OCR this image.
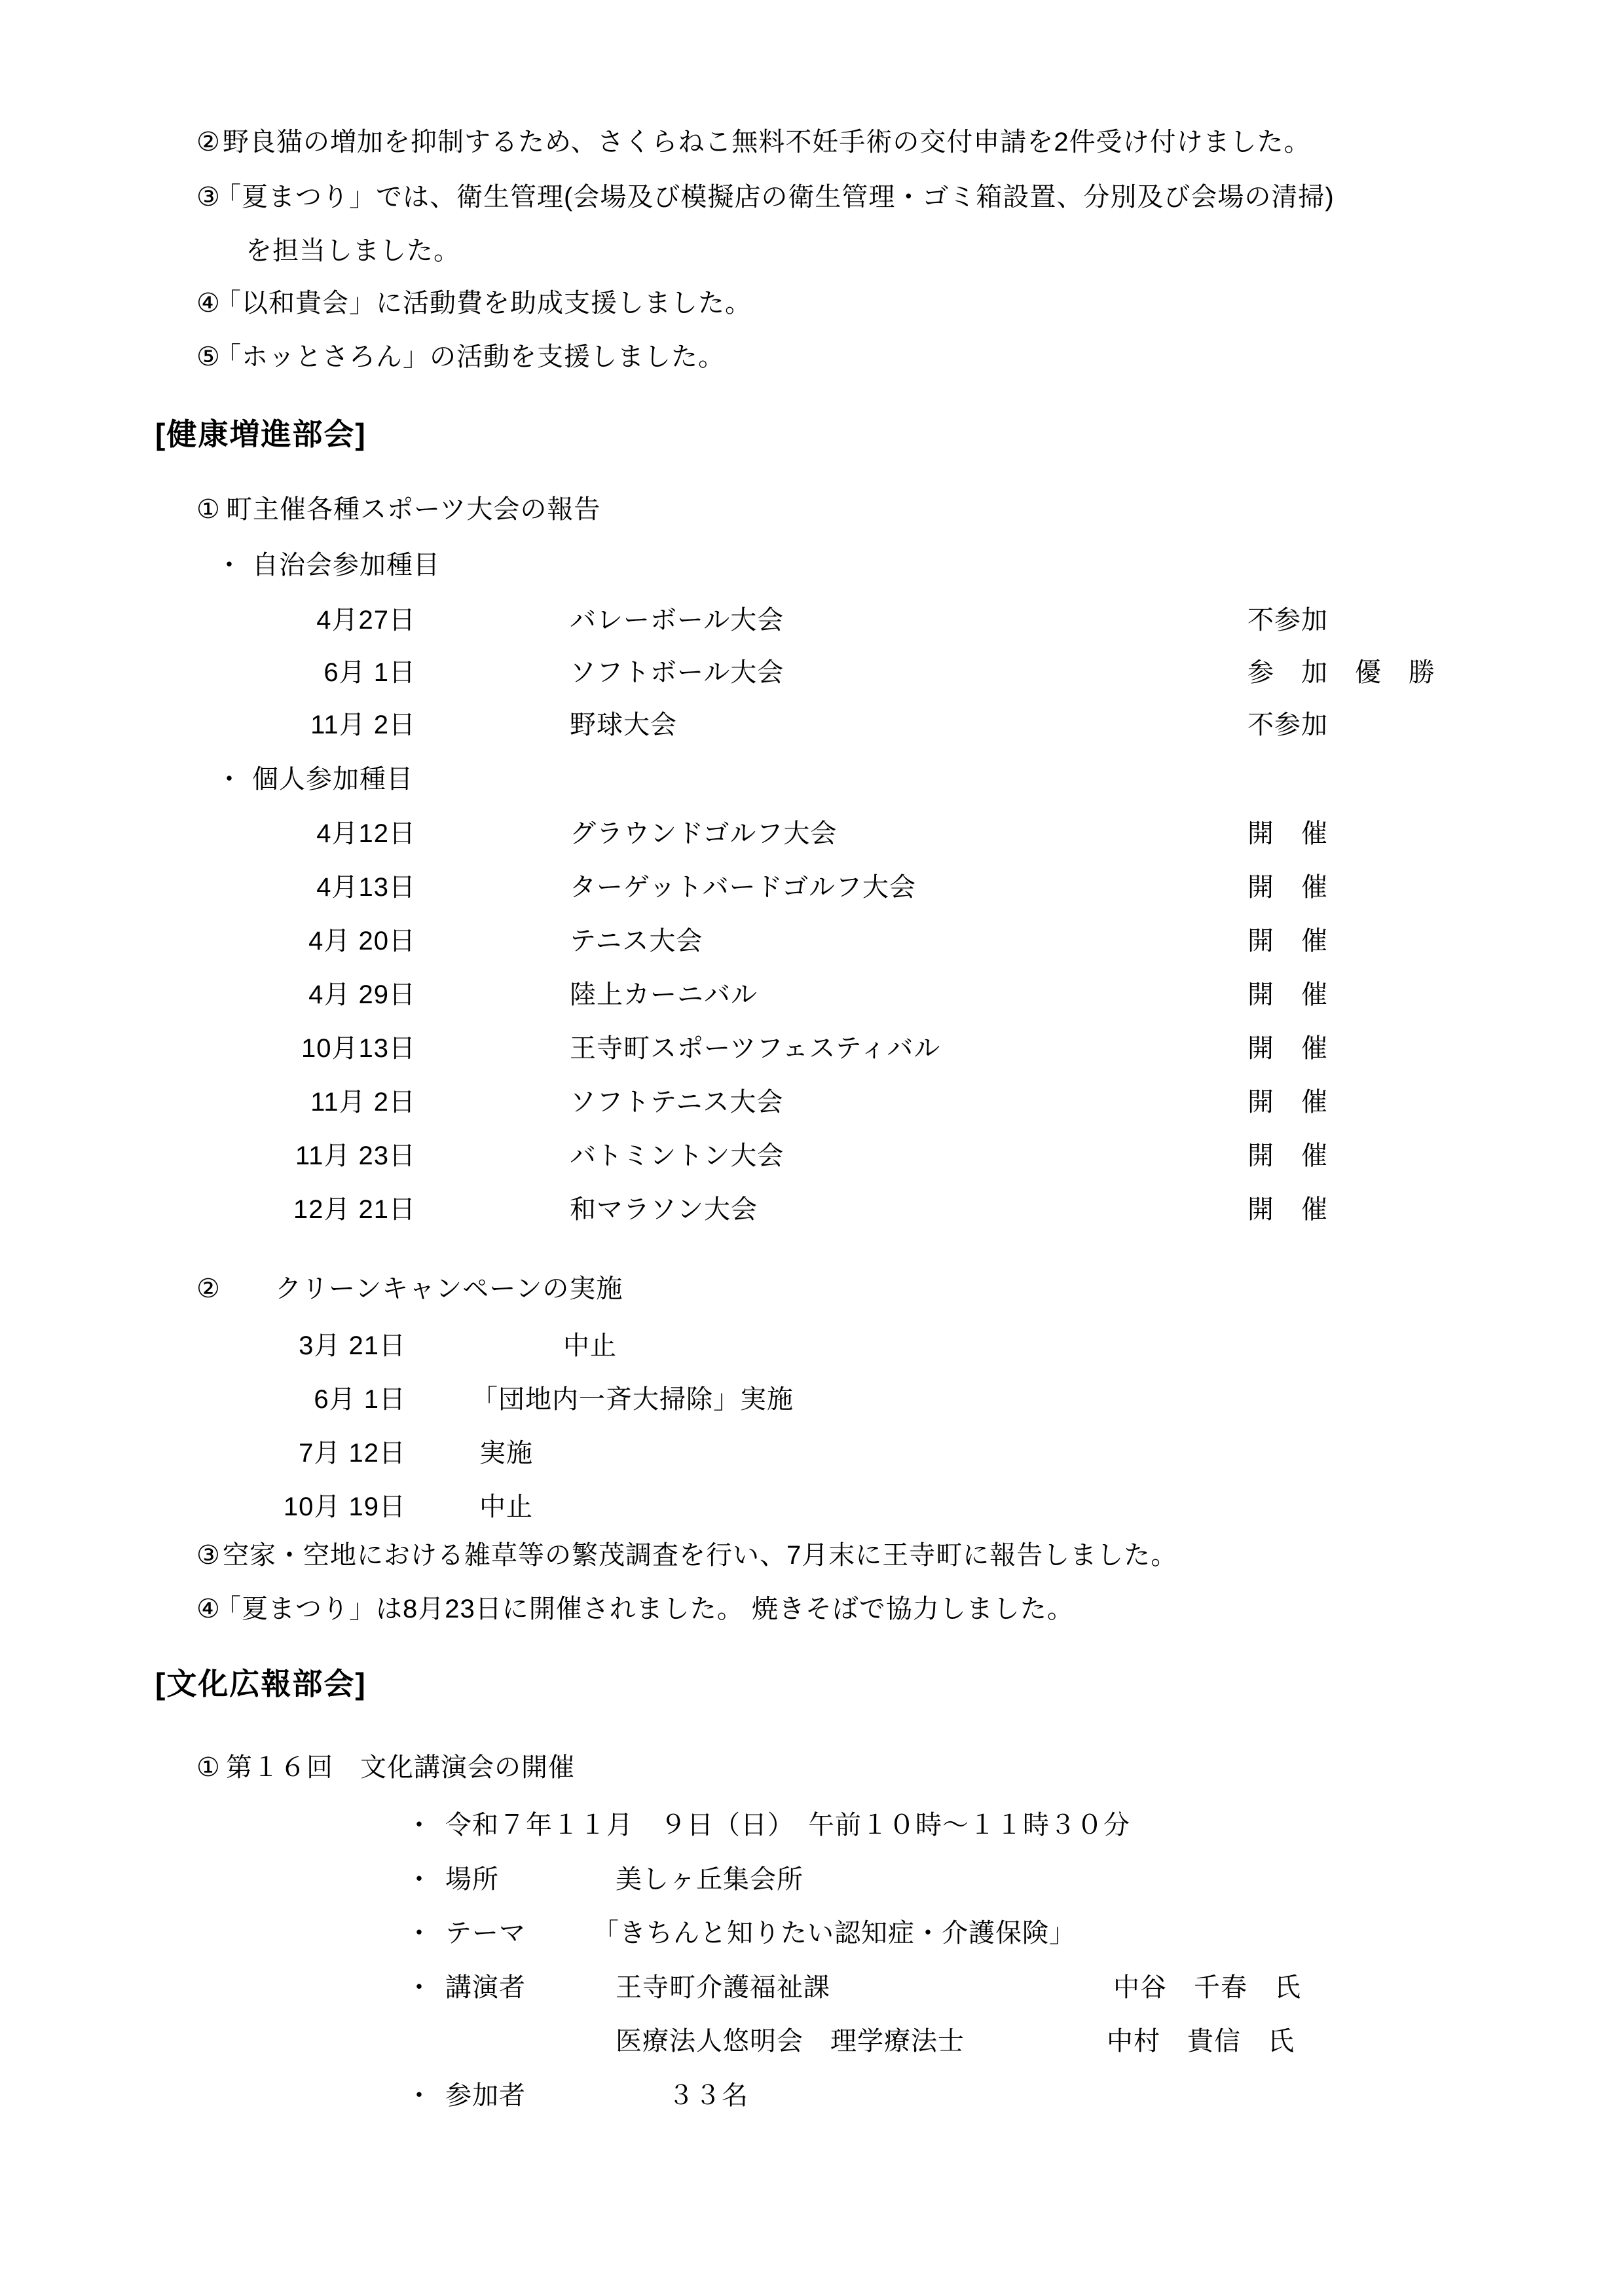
② 野良猫の増加を抑制するため、さくらねこ無料不妊手術の交付申請を2件受け付けました。
③
「夏まつり」では、衛生管理(会場及び模擬店の衛生管理・ゴミ箱設置、分別及び会場の清掃)
を担当しました。
④
「以和貴会」に活動費を助成支援しました。
⑤
「ホッとさろん」の活動を支援しました。
[健康増進部会]
① 町主催各種スポーツ大会の報告
・ 自治会参加種目
4月27日	バレーボール大会	不参加
6月 1日	ソフトボール大会	参　加　優　勝
11月 2日	野球大会	不参加
・ 個人参加種目
4月12日	グラウンドゴルフ大会	開　催
4月13日	ターゲットバードゴルフ大会	開　催
4月 20日	テニス大会	開　催
4月 29日	陸上カーニバル	開　催
10月13日	王寺町スポーツフェスティバル	開　催
11月 2日	ソフトテニス大会	開　催
11月 23日	バトミントン大会	開　催
12月 21日	和マラソン大会	開　催
② クリーンキャンペーンの実施
3月 21日	中止
6月 1日	「団地内一斉大掃除」実施
7月 12日	実施
10月 19日	中止
③ 空家・空地における雑草等の繁茂調査を行い、7月末に王寺町に報告しました。
④
「夏まつり」は8月23日に開催されました。 焼きそばで協力しました。
[文化広報部会]
① 第１６回　文化講演会の開催
・ 令和７年１１月　９日（日）　午前１０時～１１時３０分
・ 場所	美しヶ丘集会所
・ テーマ	「きちんと知りたい認知症・介護保険」
・ 講演者	王寺町介護福祉課	中谷　千春　氏
医療法人悠明会　理学療法士	中村　貴信　氏
・ 参加者	３３名
